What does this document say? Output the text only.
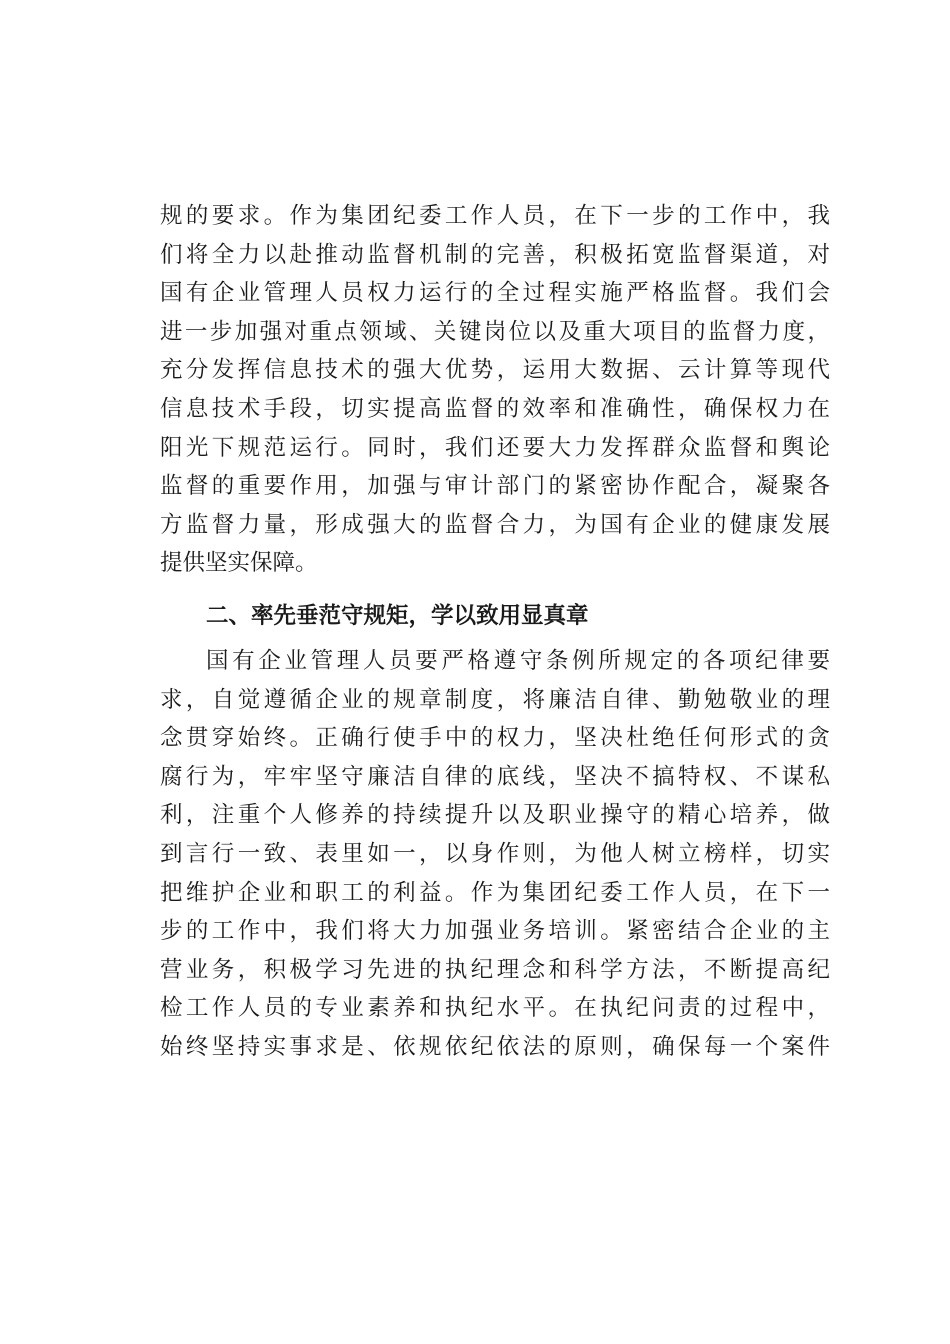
规的要求。作为集团纪委工作人员，在下一步的工作中，我
们将全力以赴推动监督机制的完善，积极拓宽监督渠道，对
国有企业管理人员权力运行的全过程实施严格监督。我们会
进一步加强对重点领域、关键岗位以及重大项目的监督力度，
充分发挥信息技术的强大优势，运用大数据、云计算等现代
信息技术手段，切实提高监督的效率和准确性，确保权力在
阳光下规范运行。同时，我们还要大力发挥群众监督和舆论
监督的重要作用，加强与审计部门的紧密协作配合，凝聚各
方监督力量，形成强大的监督合力，为国有企业的健康发展
提供坚实保障。
二、率先垂范守规矩，学以致用显真章
国有企业管理人员要严格遵守条例所规定的各项纪律要
求，自觉遵循企业的规章制度，将廉洁自律、勤勉敬业的理
念贯穿始终。正确行使手中的权力，坚决杜绝任何形式的贪
腐行为，牢牢坚守廉洁自律的底线，坚决不搞特权、不谋私
利，注重个人修养的持续提升以及职业操守的精心培养，做
到言行一致、表里如一，以身作则，为他人树立榜样，切实
把维护企业和职工的利益。作为集团纪委工作人员，在下一
步的工作中，我们将大力加强业务培训。紧密结合企业的主
营业务，积极学习先进的执纪理念和科学方法，不断提高纪
检工作人员的专业素养和执纪水平。在执纪问责的过程中，
始终坚持实事求是、依规依纪依法的原则，确保每一个案件
